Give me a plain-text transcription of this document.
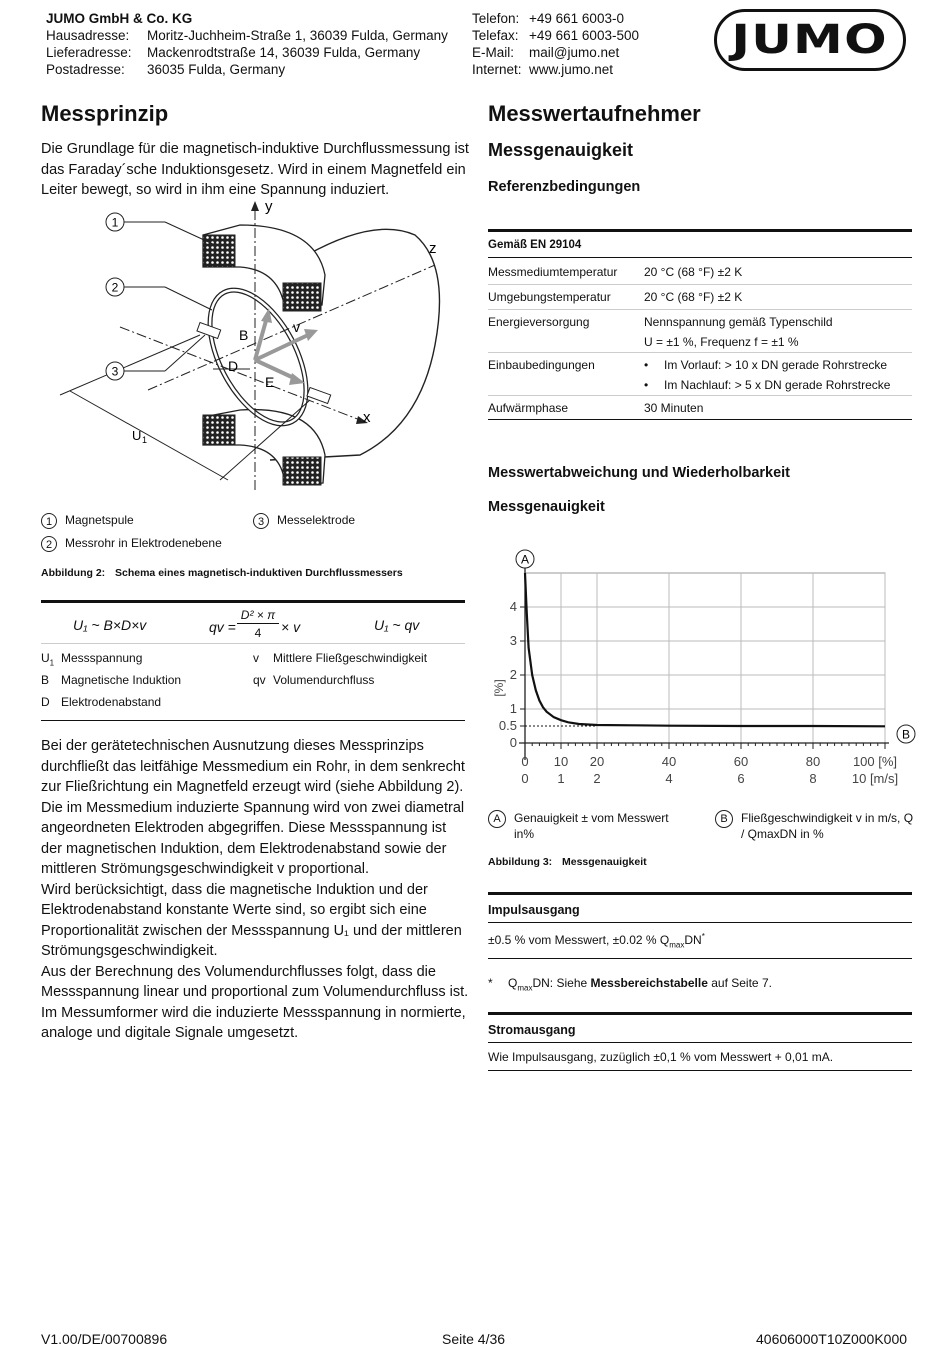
JUMO GmbH & Co. KG
Hausadresse:	Moritz-Juchheim-Straße 1, 36039 Fulda, Germany
Lieferadresse:	Mackenrodtstraße 14, 36039 Fulda, Germany
Postadresse:	36035 Fulda, Germany
Telefon: +49 661 6003-0
Telefax: +49 661 6003-500
E-Mail:	mail@jumo.net
Internet: www.jumo.net
JUMO
Messprinzip
Die Grundlage für die magnetisch-induktive Durchflussmessung ist das Faraday´sche Induktionsgesetz. Wird in einem Magnetfeld ein Leiter bewegt, so wird in ihm eine Spannung induziert.
1
2
3
y
z
x
v
B
D
E
U 1
1 Magnetspule	3 Messelektrode
2 Messrohr in Elektrodenebene
Abbildung 2: Schema eines magnetisch-induktiven Durchflussmessers
U₁ ~ B×D×v	qv =
D² × π
4	× v	U₁ ~ qv
$U_1$ Messspannung	v Mittlere Fließgeschwindigkeit
B Magnetische Induktion	qv Volumendurchfluss
D Elektrodenabstand
Bei der gerätetechnischen Ausnutzung dieses Messprinzips durchfließt das leitfähige Messmedium ein Rohr, in dem senkrecht zur Fließrichtung ein Magnetfeld erzeugt wird (siehe Abbildung 2).
Die im Messmedium induzierte Spannung wird von zwei diametral angeordneten Elektroden abgegriffen. Diese Messspannung ist der magnetischen Induktion, dem Elektrodenabstand sowie der mittleren Strömungsgeschwindigkeit v proportional.
Wird berücksichtigt, dass die magnetische Induktion und der Elektrodenabstand konstante Werte sind, so ergibt sich eine Proportionalität zwischen der Messspannung U₁ und der mittleren Strömungsgeschwindigkeit.
Aus der Berechnung des Volumendurchflusses folgt, dass die Messspannung linear und proportional zum Volumendurchfluss ist.
Im Messumformer wird die induzierte Messspannung in normierte, analoge und digitale Signale umgesetzt.
Messwertaufnehmer
Messgenauigkeit
Referenzbedingungen
Gemäß EN 29104
Messmediumtemperatur	20 °C (68 °F) ±2 K

Umgebungstemperatur	20 °C (68 °F) ±2 K

Energieversorgung	Nennspannung gemäß Typenschild
U = ±1 %, Frequenz f = ±1 %

Einbaubedingungen	• Im Vorlauf: > 10 x DN gerade Rohrstrecke
• Im Nachlauf: > 5 x DN gerade Rohrstrecke

Aufwärmphase	30 Minuten
Messwertabweichung und Wiederholbarkeit
Messgenauigkeit
0
0.5
1
2
3
4
[%]
0
0
10
1
20
2
40
4
60
6
80
8
100 [%]
10 [m/s]
A
B
A	Genauigkeit ± vom Messwert in%
B	Fließgeschwindigkeit v in m/s, Q / QmaxDN in %
Abbildung 3: Messgenauigkeit
Impulsausgang
±0.5 % vom Messwert, ±0.02 % $Q_{max}DN^*$
* $Q_{max}DN$: Siehe Messbereichstabelle auf Seite 7.
Stromausgang
Wie Impulsausgang, zuzüglich ±0,1 % vom Messwert + 0,01 mA.
V1.00/DE/00700896	Seite 4/36	40606000T10Z000K000
